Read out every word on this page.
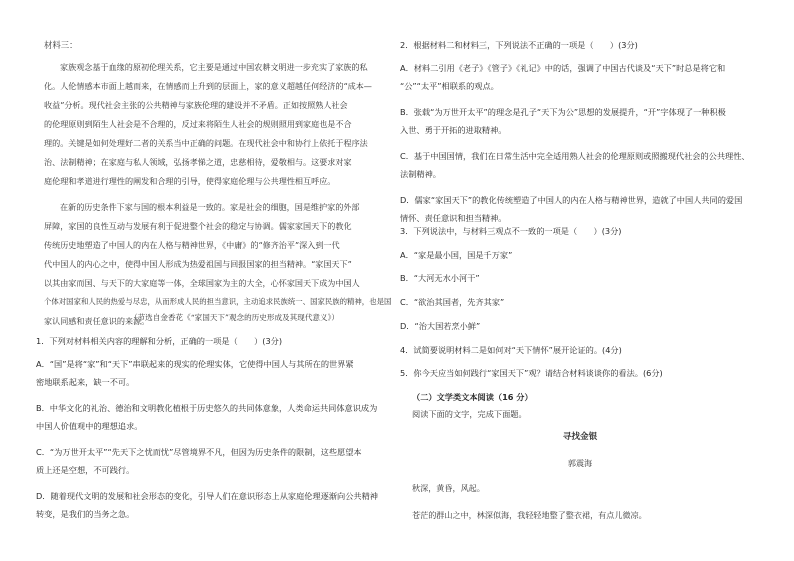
材料三：
家族观念基于血缘的原初伦理关系，它主要是通过中国农耕文明进一步充实了家族的私
化。人伦情感本市面上越而来，在情感而上升到的层面上，家的意义超越任何经济的“成本—
收益”分析。现代社会主张的公共精神与家族伦理的建设并不矛盾。正如按照熟人社会
的伦理原则到陌生人社会是不合理的，反过来将陌生人社会的规则照用到家庭也是不合
理的。关键是如何处理好二者的关系当中正确的问题。在现代社会中和协行上依托于程序法
治、法制精神；在家庭与私人领域，弘扬孝悌之道，忠慈相待，爱敬相与。这要求对家
庭伦理和孝道进行理性的阐发和合理的引导，使得家庭伦理与公共理性相互呼应。
在新的历史条件下家与国的根本利益是一致的。家是社会的细胞，国是维护家的外部
屏障，家国的良性互动与发展有利于促进整个社会的稳定与协调。儒家家国天下的教化
传统历史地塑造了中国人的内在人格与精神世界，《中庸》的“修齐治平”深入到一代
代中国人的内心之中，使得中国人形成为热爱祖国与回报国家的担当精神。“家国天下”
以其由家而国、与天下的大家庭等一体，全球国家为主的大全，心怀家国天下成为中国人
个体对国家和人民的热爱与尽忠，从而形成人民的担当意识，主动追求民族统一、国家民族的精神，也是国
家认同感和责任意识的来源。
（节选自金香花《“家国天下”观念的历史形成及其现代意义》）
1．下列对材料相关内容的理解和分析，正确的一项是（　　）(3分)
A．“国”是将“家”和“天下”串联起来的现实的伦理实体，它使得中国人与其所在的世界紧
密地联系起来，缺一不可。
B．中华文化的礼治、德治和文明教化植根于历史悠久的共同体意象，人类命运共同体意识成为
中国人价值观中的理想追求。
C．“为万世开太平”“先天下之忧而忧”尽管境界不凡，但因为历史条件的限制，这些愿望本
质上还是空想，不可践行。
D．随着现代文明的发展和社会形态的变化，引导人们在意识形态上从家庭伦理逐渐向公共精神
转变，是我们的当务之急。
2．根据材料二和材料三，下列说法不正确的一项是（　　）(3分)
A．材料二引用《老子》《管子》《礼记》中的话，强调了中国古代谈及“天下”时总是将它和
“公”“太平”相联系的观点。
B．张载“为万世开太平”的理念是孔子“天下为公”思想的发展提升，“开”字体现了一种积极
入世、勇于开拓的进取精神。
C．基于中国国情，我们在日常生活中完全适用熟人社会的伦理原则或照搬现代社会的公共理性、
法制精神。
D．儒家“家国天下”的教化传统塑造了中国人的内在人格与精神世界，造就了中国人共同的爱国
情怀、责任意识和担当精神。
3．下列说法中，与材料三观点不一致的一项是（　　）(3分)
A．“家是最小国，国是千万家”
B．“大河无水小河干”
C．“欲治其国者，先齐其家”
D．“治大国若烹小鲜”
4．试简要说明材料二是如何对“天下情怀”展开论证的。(4分)
5．你今天应当如何践行“家国天下”观？请结合材料谈谈你的看法。(6分)
（二）文学类文本阅读（16 分）
阅读下面的文字，完成下面题。
寻找金银
郭震海
秋深，黄昏，风起。
苍茫的群山之中，林深似海，我轻轻地整了整衣裙，有点儿微凉。
